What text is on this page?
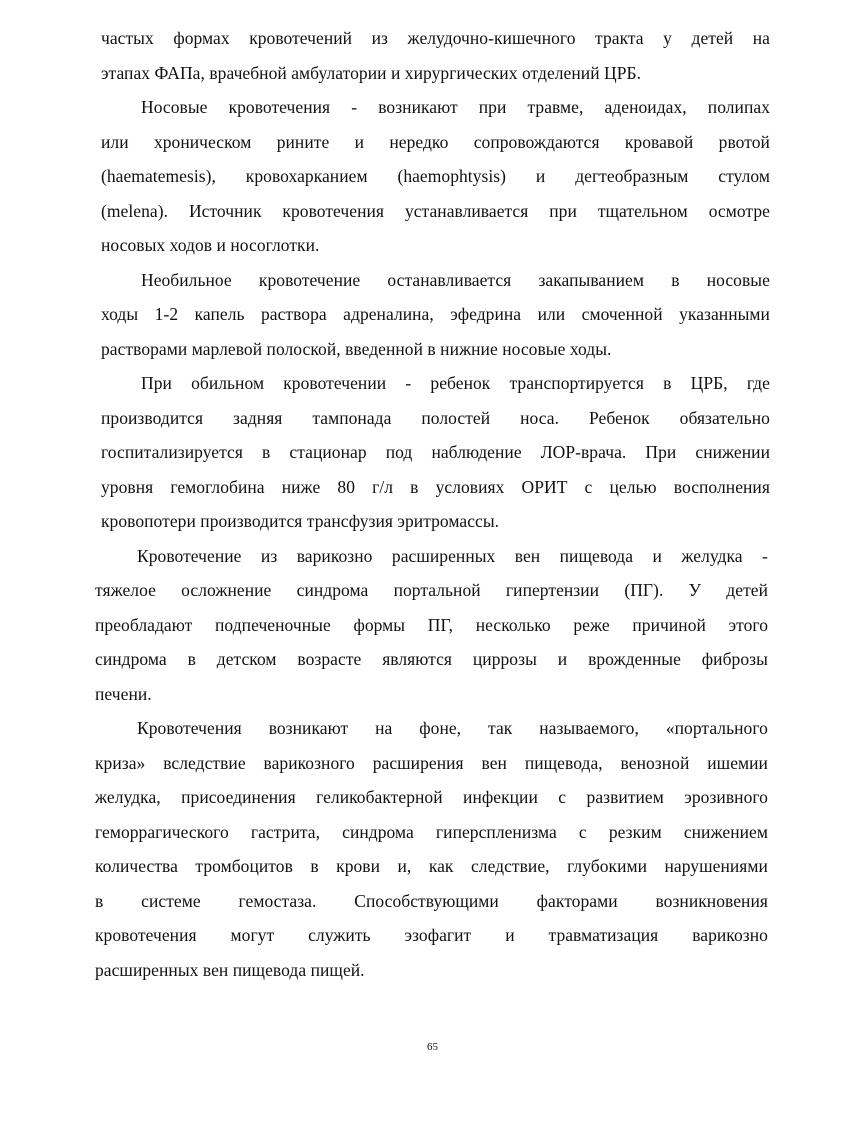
частых формах кровотечений из желудочно-кишечного тракта у детей на
этапах ФАПа, врачебной амбулатории и хирургических отделений ЦРБ.
Носовые кровотечения - возникают при травме, аденоидах, полипах
или хроническом рините и нередко сопровождаются кровавой рвотой
(haematemesis), кровохарканием (haemophtysis) и дегтеобразным стулом
(melena). Источник кровотечения устанавливается при тщательном осмотре
носовых ходов и носоглотки.
Необильное кровотечение останавливается закапыванием в носовые
ходы 1-2 капель раствора адреналина, эфедрина или смоченной указанными
растворами марлевой полоской, введенной в нижние носовые ходы.
При обильном кровотечении - ребенок транспортируется в ЦРБ, где
производится задняя тампонада полостей носа. Ребенок обязательно
госпитализируется в стационар под наблюдение ЛОР-врача. При снижении
уровня гемоглобина ниже 80 г/л в условиях ОРИТ с целью восполнения
кровопотери производится трансфузия эритромассы.
Кровотечение из варикозно расширенных вен пищевода и желудка -
тяжелое осложнение синдрома портальной гипертензии (ПГ). У детей
преобладают подпеченочные формы ПГ, несколько реже причиной этого
синдрома в детском возрасте являются циррозы и врожденные фиброзы
печени.
Кровотечения возникают на фоне, так называемого, «портального
криза» вследствие варикозного расширения вен пищевода, венозной ишемии
желудка, присоединения геликобактерной инфекции с развитием эрозивного
геморрагического гастрита, синдрома гиперспленизма с резким снижением
количества тромбоцитов в крови и, как следствие, глубокими нарушениями
в системе гемостаза. Способствующими факторами возникновения
кровотечения могут служить эзофагит и травматизация варикозно
расширенных вен пищевода пищей.
65
